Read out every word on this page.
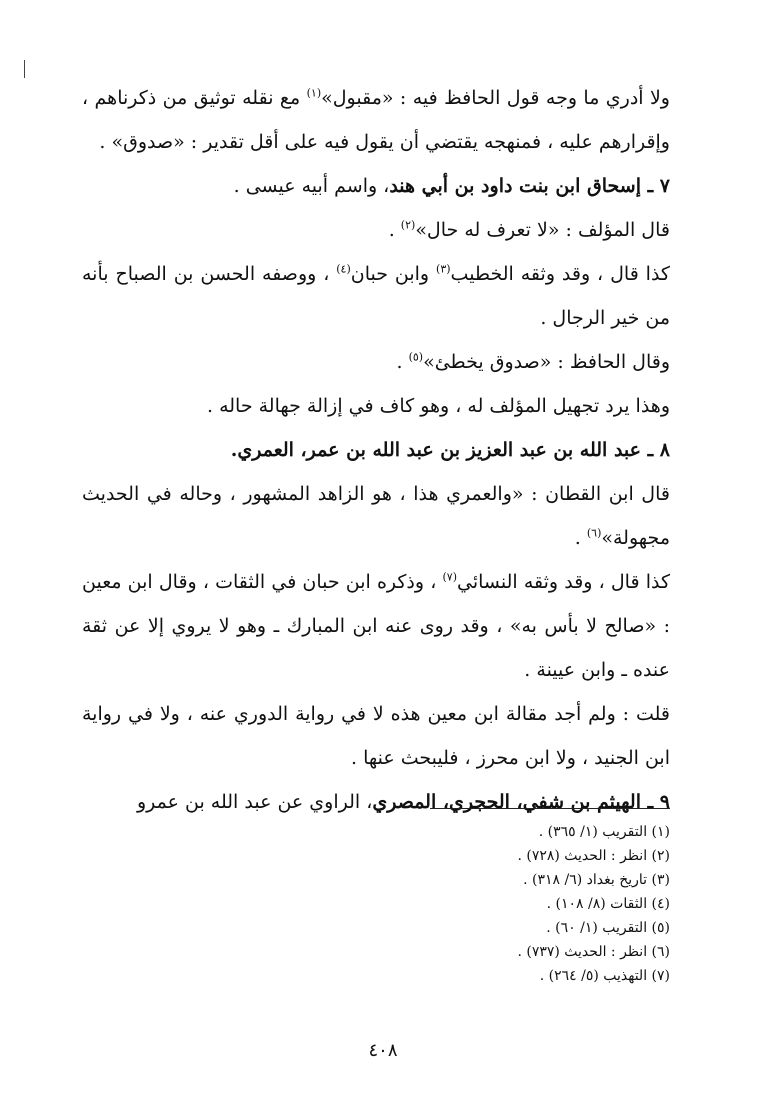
ولا أدري ما وجه قول الحافظ فيه : «مقبول»$^{(١)}$ مع نقله توثيق من ذكرناهم ، وإقرارهم عليه ، فمنهجه يقتضي أن يقول فيه على أقل تقدير : «صدوق» .

٧ ـ إسحاق ابن بنت داود بن أبي هند، واسم أبيه عيسى .

قال المؤلف : «لا تعرف له حال»$^{(٢)}$ .

كذا قال ، وقد وثقه الخطيب$^{(٣)}$ وابن حبان$^{(٤)}$ ، ووصفه الحسن بن الصباح بأنه من خير الرجال .

وقال الحافظ : «صدوق يخطئ»$^{(٥)}$ .

وهذا يرد تجهيل المؤلف له ، وهو كاف في إزالة جهالة حاله .

٨ ـ عبد الله بن عبد العزيز بن عبد الله بن عمر، العمري.

قال ابن القطان : «والعمري هذا ، هو الزاهد المشهور ، وحاله في الحديث مجهولة»$^{(٦)}$ .

كذا قال ، وقد وثقه النسائي$^{(٧)}$ ، وذكره ابن حبان في الثقات ، وقال ابن معين : «صالح لا بأس به» ، وقد روى عنه ابن المبارك ـ وهو لا يروي إلا عن ثقة عنده ـ وابن عيينة .

قلت : ولم أجد مقالة ابن معين هذه لا في رواية الدوري عنه ، ولا في رواية ابن الجنيد ، ولا ابن محرز ، فليبحث عنها .

٩ ـ الهيثم بن شفي، الحجري، المصري، الراوي عن عبد الله بن عمرو

(١) التقريب (١/ ٣٦٥) .
(٢) انظر : الحديث (٧٢٨) .
(٣) تاريخ بغداد (٦/ ٣١٨) .
(٤) الثقات (٨/ ١٠٨) .
(٥) التقريب (١/ ٦٠) .
(٦) انظر : الحديث (٧٣٧) .
(٧) التهذيب (٥/ ٢٦٤) .
٤٠٨
